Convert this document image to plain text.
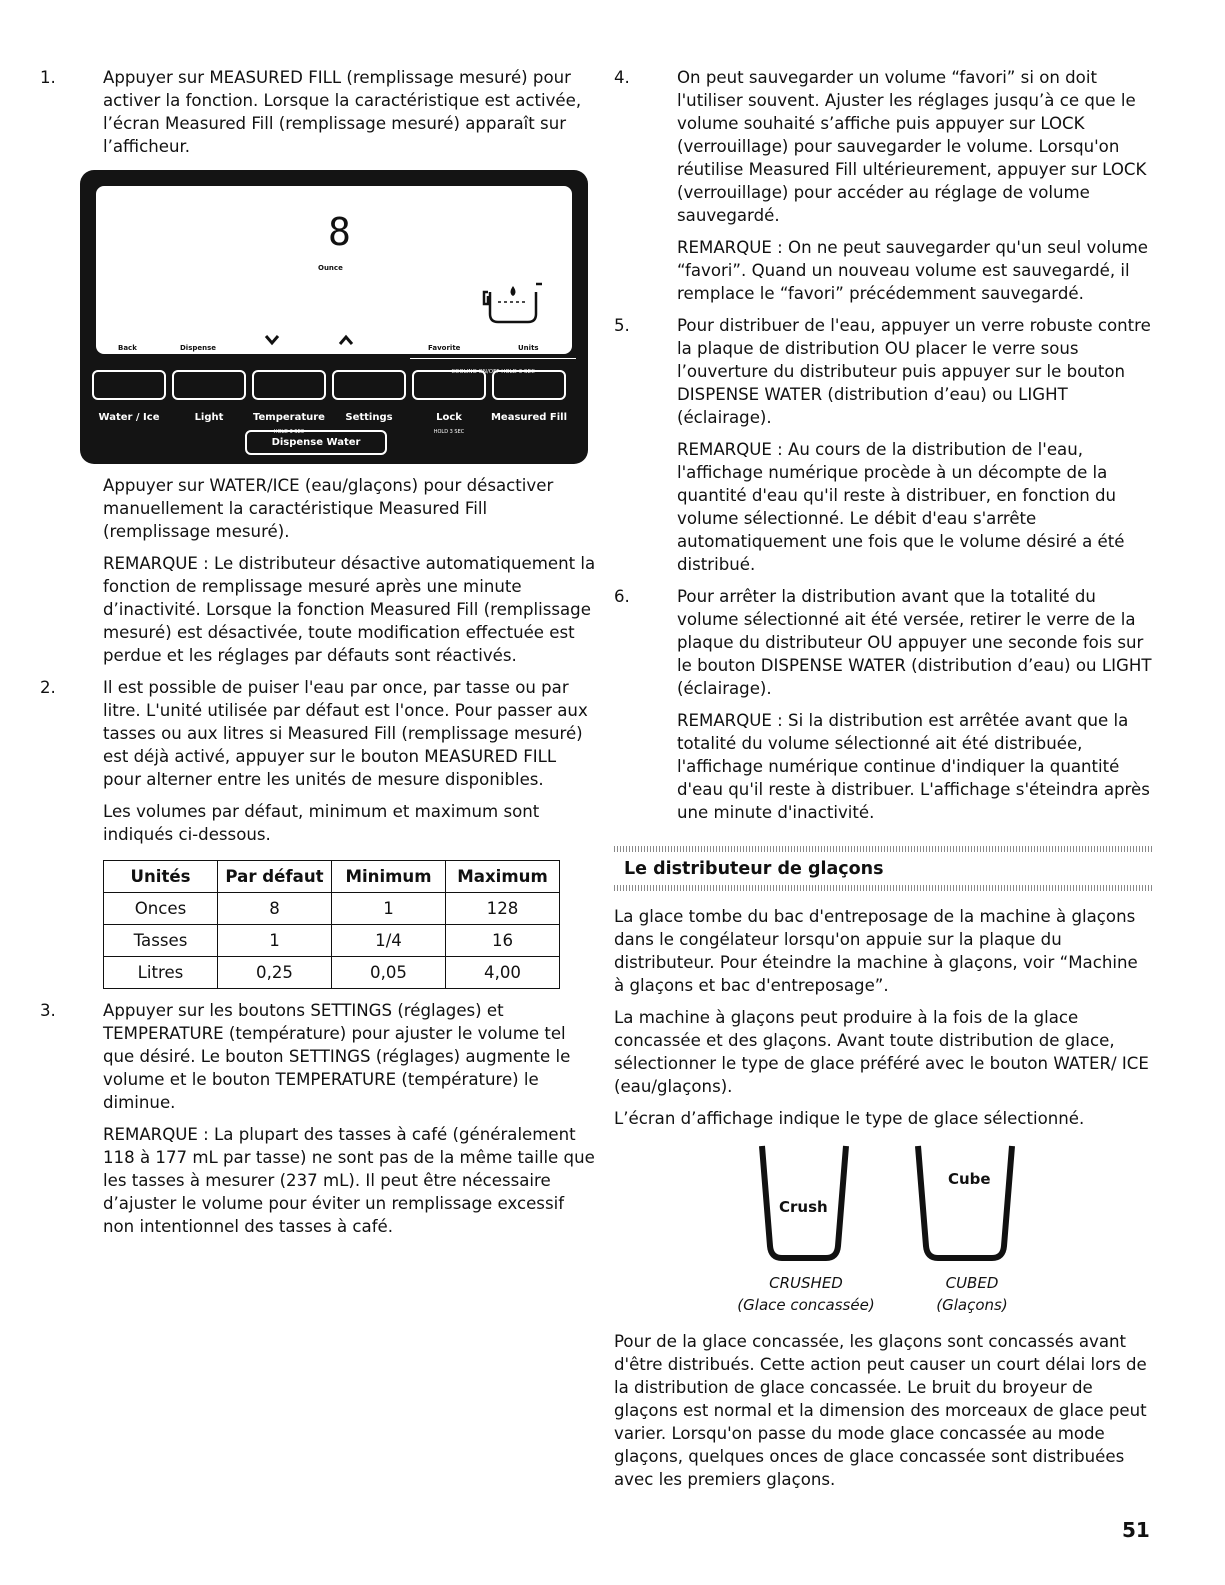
1.	Appuyer sur MEASURED FILL (remplissage mesuré) pour activer la fonction. Lorsque la caractéristique est activée, l’écran Measured Fill (remplissage mesuré) apparaît sur l’afficheur.

8
Ounce
Back	Dispense	Favorite	Units
COOLING ON/OFF HOLD 3 SEC
Water / Ice	Light	Temperature
HOLD 3 SEC
Settings	Lock
HOLD 3 SEC
Measured Fill
Dispense Water

Appuyer sur WATER/ICE (eau/glaçons) pour désactiver manuellement la caractéristique Measured Fill (remplissage mesuré).

REMARQUE : Le distributeur désactive automatiquement la fonction de remplissage mesuré après une minute d’inactivité. Lorsque la fonction Measured Fill (remplissage mesuré) est désactivée, toute modification effectuée est perdue et les réglages par défauts sont réactivés.

2.	Il est possible de puiser l'eau par once, par tasse ou par litre. L'unité utilisée par défaut est l'once. Pour passer aux tasses ou aux litres si Measured Fill (remplissage mesuré) est déjà activé, appuyer sur le bouton MEASURED FILL pour alterner entre les unités de mesure disponibles.

Les volumes par défaut, minimum et maximum sont indiqués ci-dessous.

Unités	Par défaut	Minimum	Maximum
Onces	8	1	128
Tasses	1	1/4	16
Litres	0,25	0,05	4,00
3.	Appuyer sur les boutons SETTINGS (réglages) et TEMPERATURE (température) pour ajuster le volume tel que désiré. Le bouton SETTINGS (réglages) augmente le volume et le bouton TEMPERATURE (température) le diminue.

REMARQUE : La plupart des tasses à café (généralement 118 à 177 mL par tasse) ne sont pas de la même taille que les tasses à mesurer (237 mL). Il peut être nécessaire d’ajuster le volume pour éviter un remplissage excessif non intentionnel des tasses à café.

4.	On peut sauvegarder un volume “favori” si on doit l'utiliser souvent. Ajuster les réglages jusqu’à ce que le volume souhaité s’affiche puis appuyer sur LOCK (verrouillage) pour sauvegarder le volume. Lorsqu'on réutilise Measured Fill ultérieurement, appuyer sur LOCK (verrouillage) pour accéder au réglage de volume sauvegardé.

REMARQUE : On ne peut sauvegarder qu'un seul volume “favori”. Quand un nouveau volume est sauvegardé, il remplace le “favori” précédemment sauvegardé.

5.	Pour distribuer de l'eau, appuyer un verre robuste contre la plaque de distribution OU placer le verre sous l’ouverture du distributeur puis appuyer sur le bouton DISPENSE WATER (distribution d’eau) ou LIGHT (éclairage).

REMARQUE : Au cours de la distribution de l'eau, l'affichage numérique procède à un décompte de la quantité d'eau qu'il reste à distribuer, en fonction du volume sélectionné. Le débit d'eau s'arrête automatiquement une fois que le volume désiré a été distribué.

6.	Pour arrêter la distribution avant que la totalité du volume sélectionné ait été versée, retirer le verre de la plaque du distributeur OU appuyer une seconde fois sur le bouton DISPENSE WATER (distribution d’eau) ou LIGHT (éclairage).

REMARQUE : Si la distribution est arrêtée avant que la totalité du volume sélectionné ait été distribuée, l'affichage numérique continue d'indiquer la quantité d'eau qu'il reste à distribuer. L'affichage s'éteindra après une minute d'inactivité.

Le distributeur de glaçons

La glace tombe du bac d'entreposage de la machine à glaçons dans le congélateur lorsqu'on appuie sur la plaque du distributeur. Pour éteindre la machine à glaçons, voir “Machine à glaçons et bac d'entreposage”.

La machine à glaçons peut produire à la fois de la glace concassée et des glaçons. Avant toute distribution de glace, sélectionner le type de glace préféré avec le bouton WATER/ ICE (eau/glaçons).

L’écran d’affichage indique le type de glace sélectionné.

Crush
Cube
CRUSHED
(Glace concassée)
CUBED
(Glaçons)

Pour de la glace concassée, les glaçons sont concassés avant d'être distribués. Cette action peut causer un court délai lors de la distribution de glace concassée. Le bruit du broyeur de glaçons est normal et la dimension des morceaux de glace peut varier. Lorsqu'on passe du mode glace concassée au mode glaçons, quelques onces de glace concassée sont distribuées avec les premiers glaçons.

51
